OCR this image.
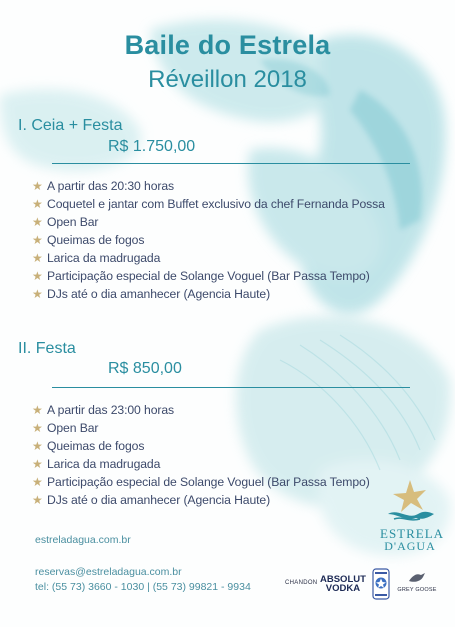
Baile do Estrela
Réveillon 2018
I. Ceia + Festa
R$ 1.750,00
★ A partir das 20:30 horas
★ Coquetel e jantar com Buffet exclusivo da chef Fernanda Possa
★ Open Bar
★ Queimas de fogos
★ Larica da madrugada
★ Participação especial de Solange Voguel (Bar Passa Tempo)
★ DJs até o dia amanhecer (Agencia Haute)
II. Festa
R$ 850,00
★ A partir das 23:00 horas
★ Open Bar
★ Queimas de fogos
★ Larica da madrugada
★ Participação especial de Solange Voguel (Bar Passa Tempo)
★ DJs até o dia amanhecer (Agencia Haute)
estreladagua.com.br
reservas@estreladagua.com.br
tel: (55 73) 3660 - 1030 | (55 73) 99821 - 9934
ESTRELA
D'AGUA
CHANDON ABSOLUT
VODKA	GREY GOOSE
